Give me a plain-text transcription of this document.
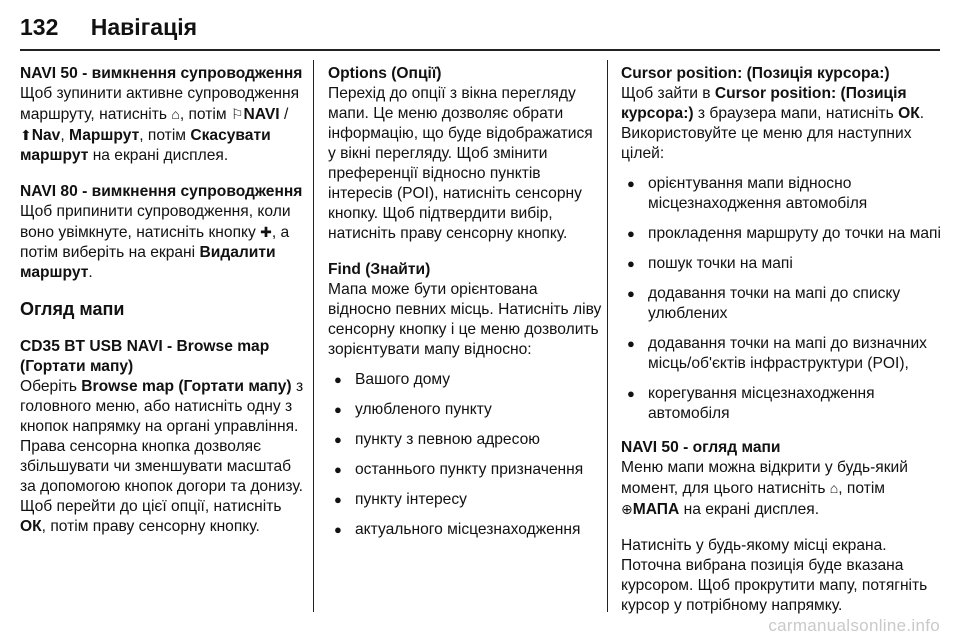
132 Навігація

NAVI 50 - вимкнення супроводження
Щоб зупинити активне супроводження маршруту, натисніть ⌂, потім ⚐NAVI / ⬆Nav, Маршрут, потім Скасувати маршрут на екрані дисплея.

NAVI 80 - вимкнення супроводження
Щоб припинити супроводження, коли воно увімкнуте, натисніть кнопку ✚, а потім виберіть на екрані Видалити маршрут.

Огляд мапи

CD35 BT USB NAVI - Browse map (Гортати мапу)
Оберіть Browse map (Гортати мапу) з головного меню, або натисніть одну з кнопок напрямку на органі управління. Права сенсорна кнопка дозволяє збільшувати чи зменшувати масштаб за допомогою кнопок догори та донизу. Щоб перейти до цієї опції, натисніть ОК, потім праву сенсорну кнопку.

Options (Опції)
Перехід до опції з вікна перегляду мапи. Це меню дозволяє обрати інформацію, що буде відображатися у вікні перегляду. Щоб змінити преференції відносно пунктів інтересів (POI), натисніть сенсорну кнопку. Щоб підтвердити вибір, натисніть праву сенсорну кнопку.

Find (Знайти)
Мапа може бути орієнтована відносно певних місць. Натисніть ліву сенсорну кнопку і це меню дозволить зорієнтувати мапу відносно:

● Вашого дому
● улюбленого пункту
● пункту з певною адресою
● останнього пункту призначення
● пункту інтересу
● актуального місцезнаходження

Cursor position: (Позиція курсора:)
Щоб зайти в Cursor position: (Позиція курсора:) з браузера мапи, натисніть ОК. Використовуйте це меню для наступних цілей:

● орієнтування мапи відносно місцезнаходження автомобіля
● прокладення маршруту до точки на мапі
● пошук точки на мапі
● додавання точки на мапі до списку улюблених
● додавання точки на мапі до визначних місць/об'єктів інфраструктури (POI),
● корегування місцезнаходження автомобіля

NAVI 50 - огляд мапи
Меню мапи можна відкрити у будь-який момент, для цього натисніть ⌂, потім ⊕МАПА на екрані дисплея.

Натисніть у будь-якому місці екрана. Поточна вибрана позиція буде вказана курсором. Щоб прокрутити мапу, потягніть курсор у потрібному напрямку.

carmanualsonline.info
